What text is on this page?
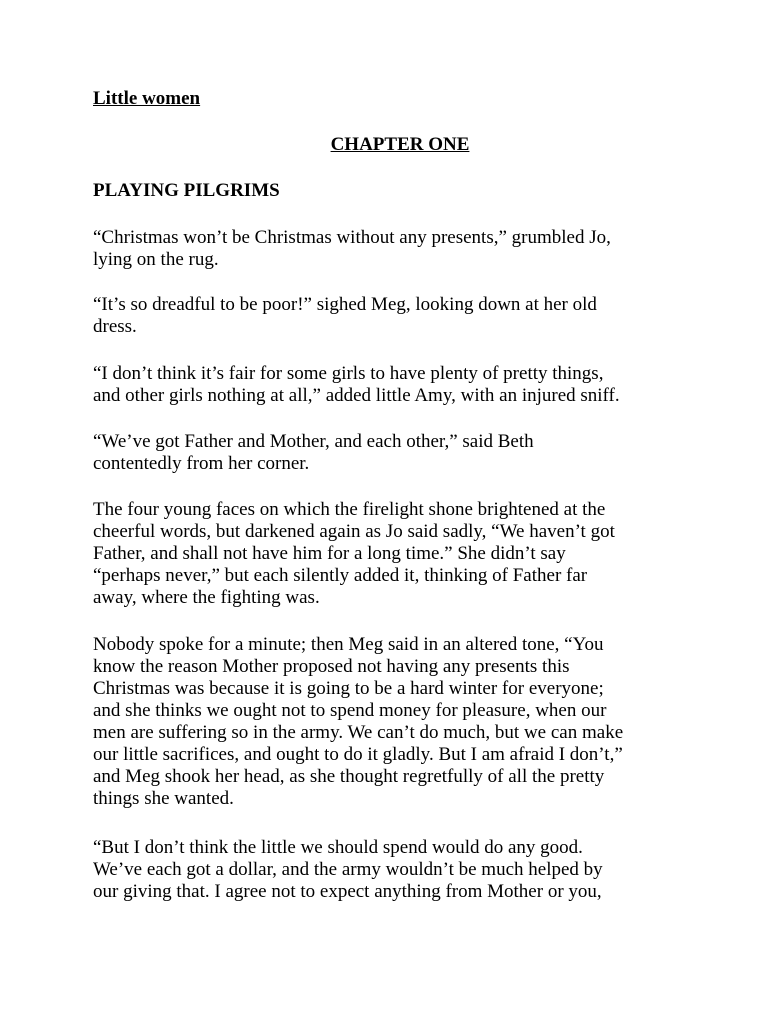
Little women
CHAPTER ONE
PLAYING PILGRIMS

“Christmas won’t be Christmas without any presents,” grumbled Jo,
lying on the rug.

“It’s so dreadful to be poor!” sighed Meg, looking down at her old
dress.

“I don’t think it’s fair for some girls to have plenty of pretty things,
and other girls nothing at all,” added little Amy, with an injured sniff.

“We’ve got Father and Mother, and each other,” said Beth
contentedly from her corner.

The four young faces on which the firelight shone brightened at the
cheerful words, but darkened again as Jo said sadly, “We haven’t got
Father, and shall not have him for a long time.” She didn’t say
“perhaps never,” but each silently added it, thinking of Father far
away, where the fighting was.

Nobody spoke for a minute; then Meg said in an altered tone, “You
know the reason Mother proposed not having any presents this
Christmas was because it is going to be a hard winter for everyone;
and she thinks we ought not to spend money for pleasure, when our
men are suffering so in the army. We can’t do much, but we can make
our little sacrifices, and ought to do it gladly. But I am afraid I don’t,”
and Meg shook her head, as she thought regretfully of all the pretty
things she wanted.

“But I don’t think the little we should spend would do any good.
We’ve each got a dollar, and the army wouldn’t be much helped by
our giving that. I agree not to expect anything from Mother or you,
